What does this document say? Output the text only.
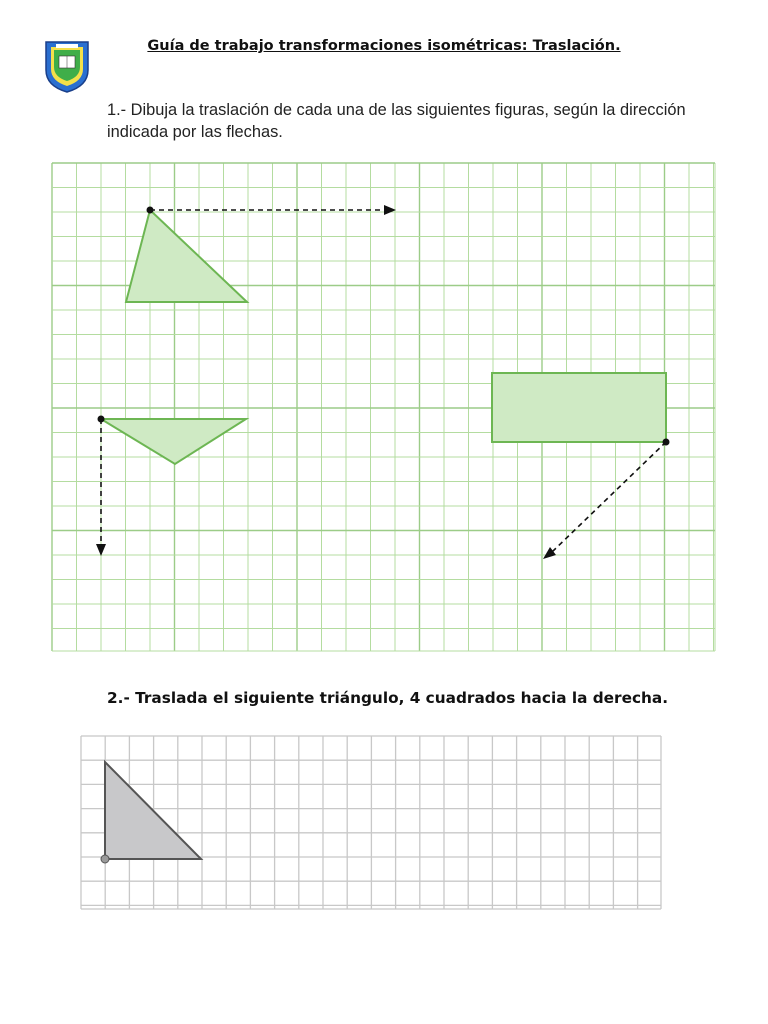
Guía de trabajo transformaciones isométricas: Traslación.
1.- Dibuja la traslación de cada una de las siguientes figuras, según la dirección indicada por las flechas.
2.- Traslada el siguiente triángulo, 4 cuadrados hacia la derecha.
